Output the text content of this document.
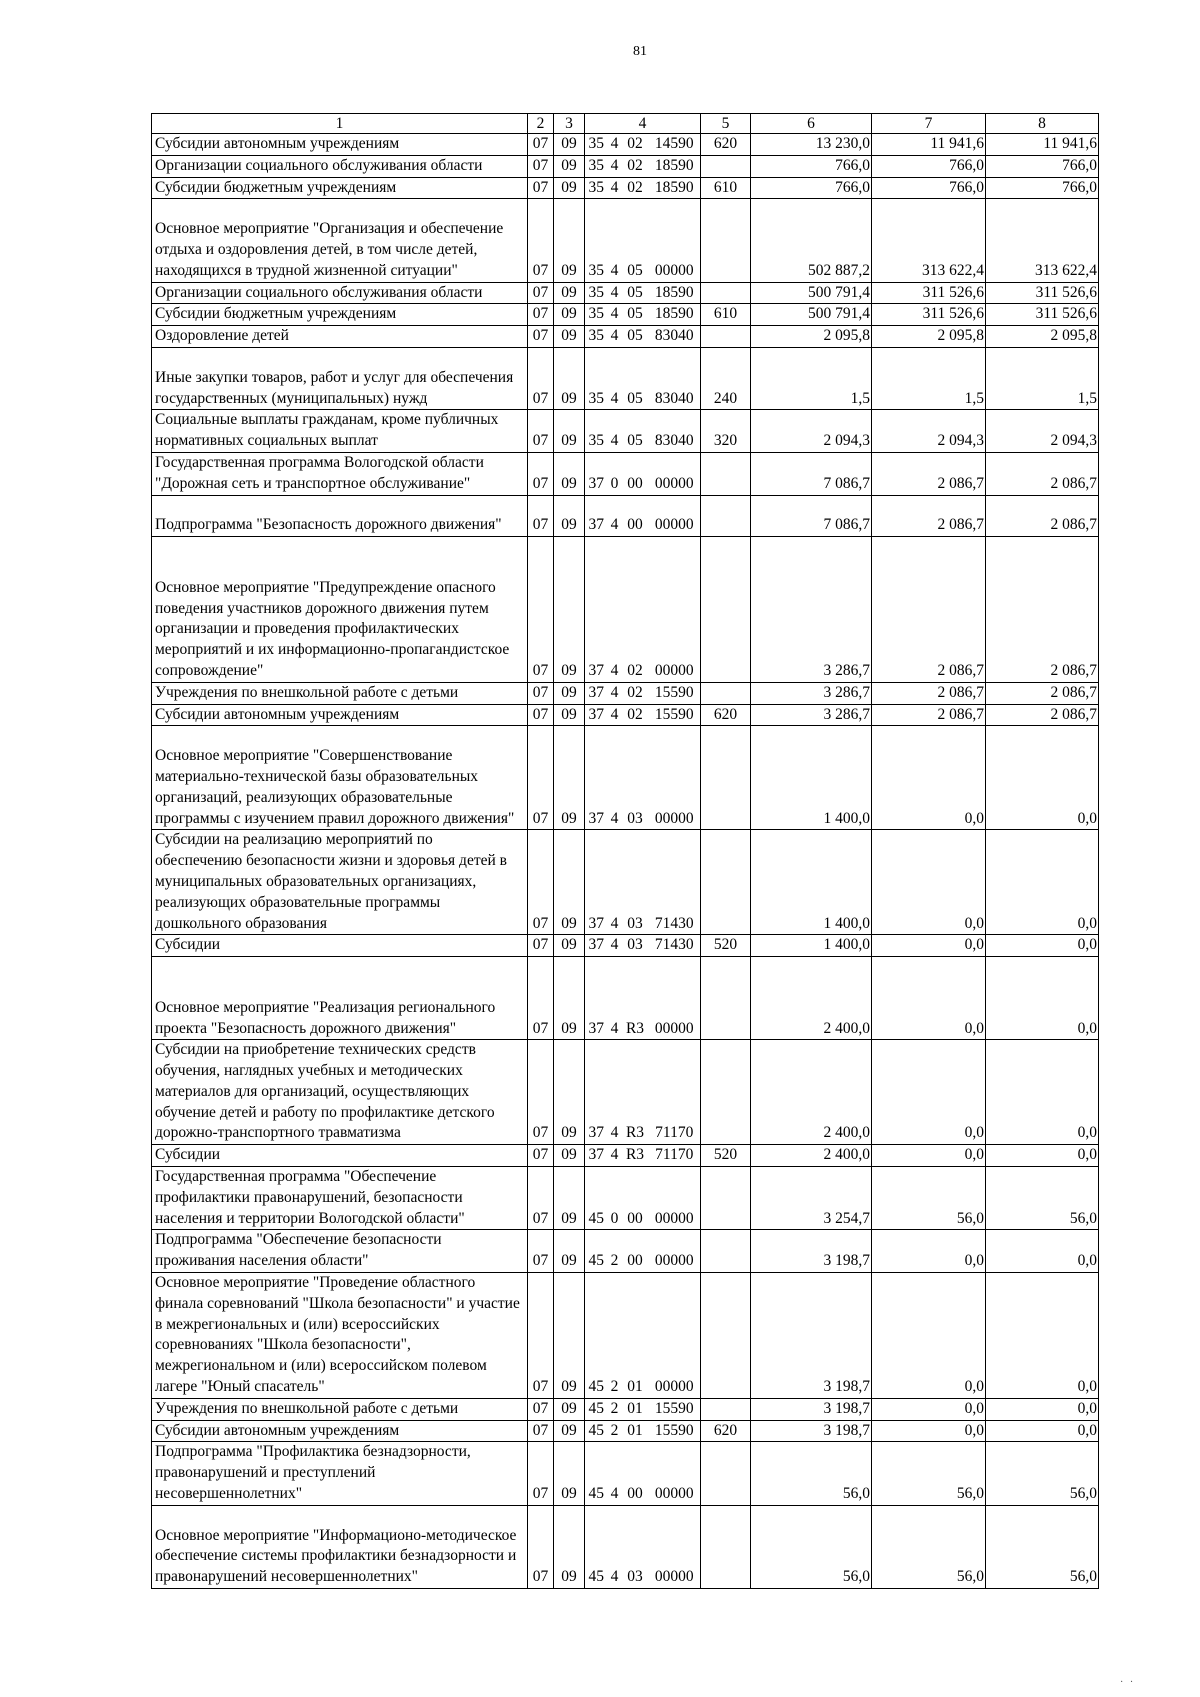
81
1	2	3	4				5	6	7	8
Субсидии автономным учреждениям	07	09	35	4	02	14590	620	13 230,0	11 941,6	11 941,6
Организации социального обслуживания области	07	09	35	4	02	18590		766,0	766,0	766,0
Субсидии бюджетным учреждениям	07	09	35	4	02	18590	610	766,0	766,0	766,0
Основное мероприятие "Организация и обеспечение отдыха и оздоровления детей, в том числе детей, находящихся в трудной жизненной ситуации"	07	09	35	4	05	00000		502 887,2	313 622,4	313 622,4
Организации социального обслуживания области	07	09	35	4	05	18590		500 791,4	311 526,6	311 526,6
Субсидии бюджетным учреждениям	07	09	35	4	05	18590	610	500 791,4	311 526,6	311 526,6
Оздоровление детей	07	09	35	4	05	83040		2 095,8	2 095,8	2 095,8
Иные закупки товаров, работ и услуг для обеспечения государственных (муниципальных) нужд	07	09	35	4	05	83040	240	1,5	1,5	1,5
Социальные выплаты гражданам, кроме публичных нормативных социальных выплат	07	09	35	4	05	83040	320	2 094,3	2 094,3	2 094,3
Государственная программа Вологодской области "Дорожная сеть и транспортное обслуживание"	07	09	37	0	00	00000		7 086,7	2 086,7	2 086,7
Подпрограмма "Безопасность дорожного движения"	07	09	37	4	00	00000		7 086,7	2 086,7	2 086,7
Основное мероприятие "Предупреждение опасного поведения участников дорожного движения путем организации и проведения профилактических мероприятий и их информационно-пропагандистское сопровождение"	07	09	37	4	02	00000		3 286,7	2 086,7	2 086,7
Учреждения по внешкольной работе с детьми	07	09	37	4	02	15590		3 286,7	2 086,7	2 086,7
Субсидии автономным учреждениям	07	09	37	4	02	15590	620	3 286,7	2 086,7	2 086,7
Основное мероприятие "Совершенствование материально-технической базы образовательных организаций, реализующих образовательные программы с изучением правил дорожного движения"	07	09	37	4	03	00000		1 400,0	0,0	0,0
Субсидии на реализацию мероприятий по обеспечению безопасности жизни и здоровья детей в муниципальных образовательных организациях, реализующих образовательные программы дошкольного образования	07	09	37	4	03	71430		1 400,0	0,0	0,0
Субсидии	07	09	37	4	03	71430	520	1 400,0	0,0	0,0
Основное мероприятие "Реализация регионального проекта "Безопасность дорожного движения"	07	09	37	4	R3	00000		2 400,0	0,0	0,0
Субсидии на приобретение технических средств обучения, наглядных учебных и методических материалов для организаций, осуществляющих обучение детей и работу по профилактике детского дорожно-транспортного травматизма	07	09	37	4	R3	71170		2 400,0	0,0	0,0
Субсидии	07	09	37	4	R3	71170	520	2 400,0	0,0	0,0
Государственная программа "Обеспечение профилактики правонарушений, безопасности населения и территории Вологодской области"	07	09	45	0	00	00000		3 254,7	56,0	56,0
Подпрограмма "Обеспечение безопасности проживания населения области"	07	09	45	2	00	00000		3 198,7	0,0	0,0
Основное мероприятие "Проведение областного финала соревнований "Школа безопасности" и участие в межрегиональных и (или) всероссийских соревнованиях "Школа безопасности", межрегиональном и (или) всероссийском полевом лагере "Юный спасатель"	07	09	45	2	01	00000		3 198,7	0,0	0,0
Учреждения по внешкольной работе с детьми	07	09	45	2	01	15590		3 198,7	0,0	0,0
Субсидии автономным учреждениям	07	09	45	2	01	15590	620	3 198,7	0,0	0,0
Подпрограмма "Профилактика безнадзорности, правонарушений и преступлений несовершеннолетних"	07	09	45	4	00	00000		56,0	56,0	56,0
Основное мероприятие "Информационо-методическое обеспечение системы профилактики безнадзорности и правонарушений несовершеннолетних"	07	09	45	4	03	00000		56,0	56,0	56,0
· ·
